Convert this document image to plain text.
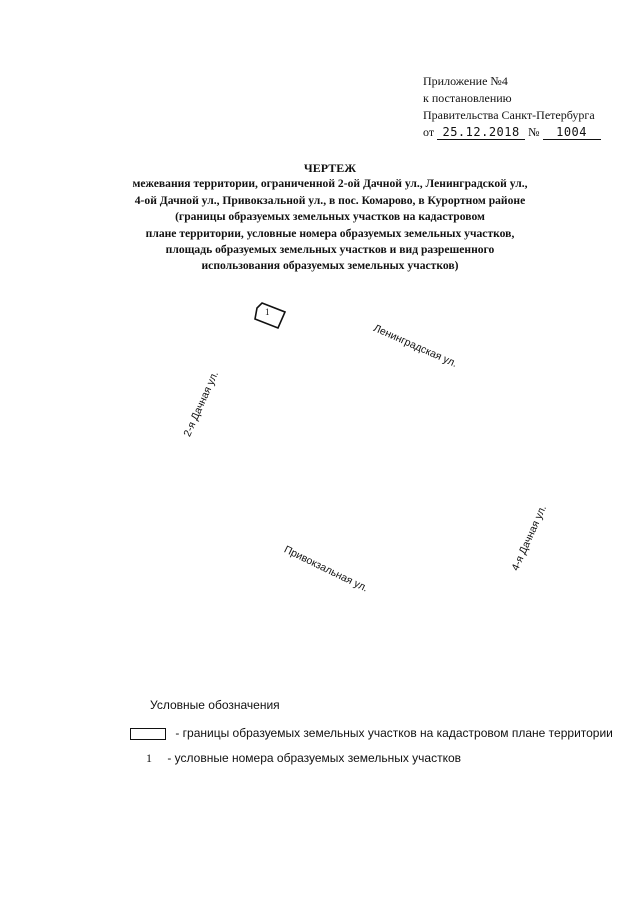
Приложение №4
к постановлению
Правительства Санкт-Петербурга
от 25.12.2018 № 1004
ЧЕРТЕЖ
межевания территории, ограниченной 2-ой Дачной ул., Ленинградской ул.,
4-ой Дачной ул., Привокзальной ул., в пос. Комарово, в Курортном районе
(границы образуемых земельных участков на кадастровом
плане территории, условные номера образуемых земельных участков,
площадь образуемых земельных участков и вид разрешенного
использования образуемых земельных участков)
1
Ленинградская ул.
2-я Дачная ул.
4-я Дачная ул.
Привокзальная ул.
Условные обозначения
- границы образуемых земельных участков на кадастровом плане территории
1 - условные номера образуемых земельных участков
